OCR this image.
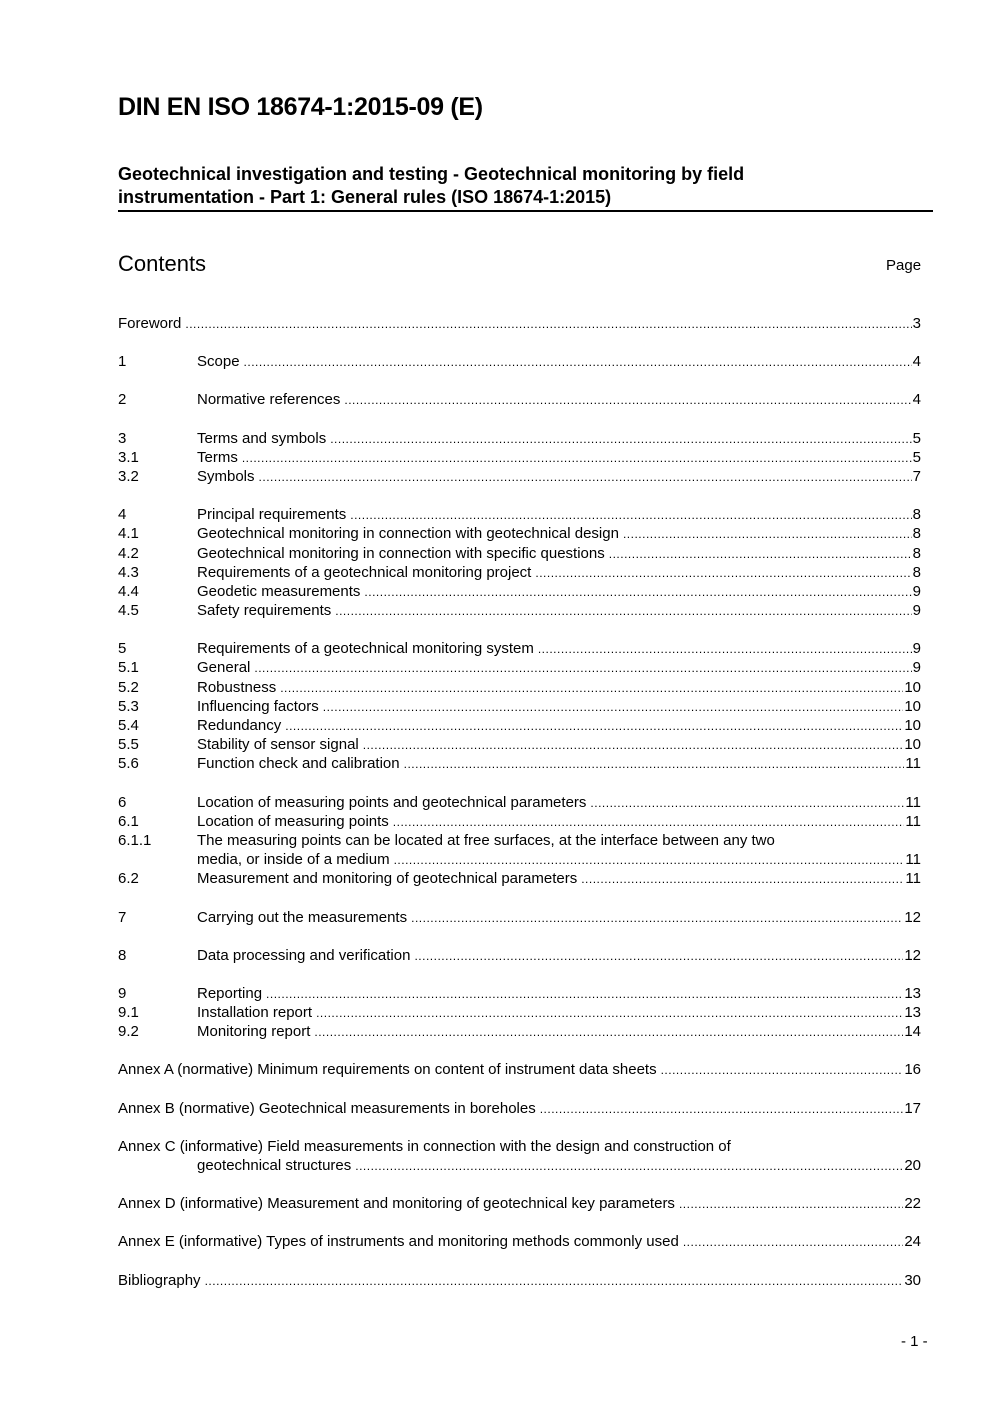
DIN EN ISO 18674-1:2015-09 (E)
Geotechnical investigation and testing - Geotechnical monitoring by field
instrumentation - Part 1: General rules (ISO 18674-1:2015)
Contents	Page
Foreword .....	3
1	Scope .....	4
2	Normative references .....	4
3	Terms and symbols .....	5
3.1	Terms .....	5
3.2	Symbols .....	7
4	Principal requirements .....	8
4.1	Geotechnical monitoring in connection with geotechnical design .....	8
4.2	Geotechnical monitoring in connection with specific questions .....	8
4.3	Requirements of a geotechnical monitoring project .....	8
4.4	Geodetic measurements .....	9
4.5	Safety requirements .....	9
5	Requirements of a geotechnical monitoring system .....	9
5.1	General .....	9
5.2	Robustness .....	10
5.3	Influencing factors .....	10
5.4	Redundancy .....	10
5.5	Stability of sensor signal .....	10
5.6	Function check and calibration .....	11
6	Location of measuring points and geotechnical parameters .....	11
6.1	Location of measuring points .....	11
6.1.1	The measuring points can be located at free surfaces, at the interface between any two
media, or inside of a medium .....	11
6.2	Measurement and monitoring of geotechnical parameters .....	11
7	Carrying out the measurements .....	12
8	Data processing and verification .....	12
9	Reporting .....	13
9.1	Installation report .....	13
9.2	Monitoring report .....	14
Annex A (normative) Minimum requirements on content of instrument data sheets .....	16
Annex B (normative) Geotechnical measurements in boreholes .....	17
Annex C (informative) Field measurements in connection with the design and construction of
geotechnical structures .....	20
Annex D (informative) Measurement and monitoring of geotechnical key parameters .....	22
Annex E (informative) Types of instruments and monitoring methods commonly used .....	24
Bibliography .....	30
- 1 -
